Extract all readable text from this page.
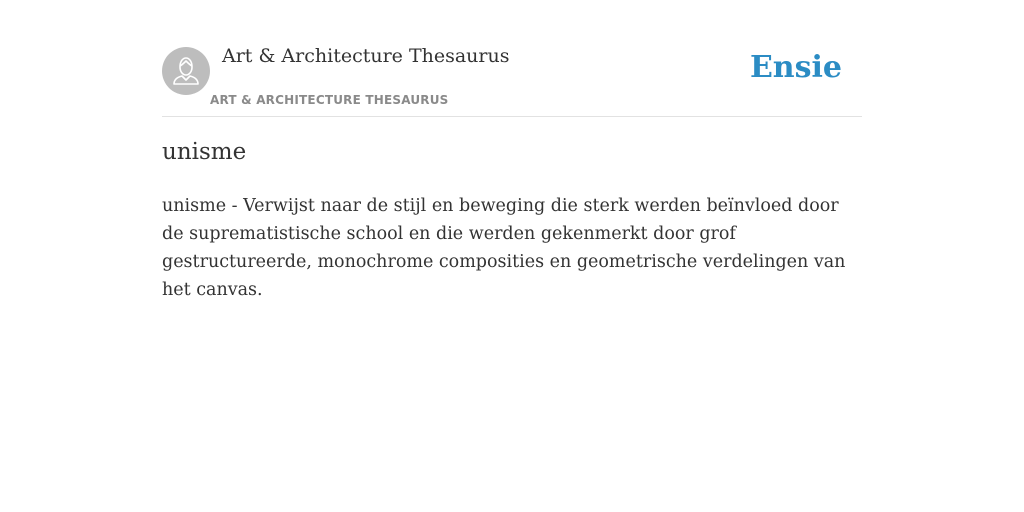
Art & Architecture Thesaurus
ART & ARCHITECTURE THESAURUS
Ensie
unisme

unisme - Verwijst naar de stijl en beweging die sterk werden beïnvloed door de suprematistische school en die werden gekenmerkt door grof gestructureerde, monochrome composities en geometrische verdelingen van het canvas.
